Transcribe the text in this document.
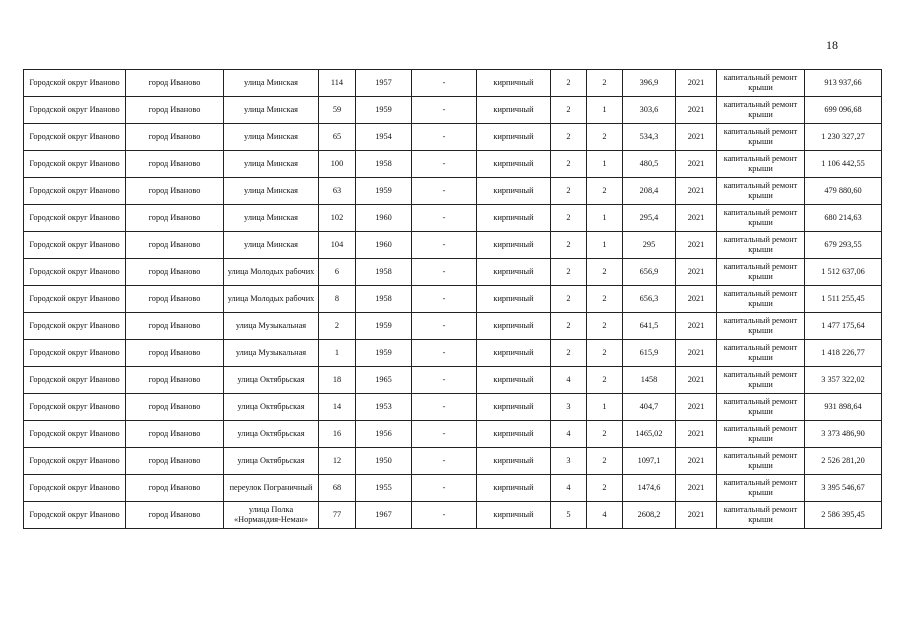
18
Городской округ Иваново	город Иваново	улица Минская	114	1957	-	кирпичный	2	2	396,9	2021	капитальный ремонт крыши	913 937,66
Городской округ Иваново	город Иваново	улица Минская	59	1959	-	кирпичный	2	1	303,6	2021	капитальный ремонт крыши	699 096,68
Городской округ Иваново	город Иваново	улица Минская	65	1954	-	кирпичный	2	2	534,3	2021	капитальный ремонт крыши	1 230 327,27
Городской округ Иваново	город Иваново	улица Минская	100	1958	-	кирпичный	2	1	480,5	2021	капитальный ремонт крыши	1 106 442,55
Городской округ Иваново	город Иваново	улица Минская	63	1959	-	кирпичный	2	2	208,4	2021	капитальный ремонт крыши	479 880,60
Городской округ Иваново	город Иваново	улица Минская	102	1960	-	кирпичный	2	1	295,4	2021	капитальный ремонт крыши	680 214,63
Городской округ Иваново	город Иваново	улица Минская	104	1960	-	кирпичный	2	1	295	2021	капитальный ремонт крыши	679 293,55
Городской округ Иваново	город Иваново	улица Молодых рабочих	6	1958	-	кирпичный	2	2	656,9	2021	капитальный ремонт крыши	1 512 637,06
Городской округ Иваново	город Иваново	улица Молодых рабочих	8	1958	-	кирпичный	2	2	656,3	2021	капитальный ремонт крыши	1 511 255,45
Городской округ Иваново	город Иваново	улица Музыкальная	2	1959	-	кирпичный	2	2	641,5	2021	капитальный ремонт крыши	1 477 175,64
Городской округ Иваново	город Иваново	улица Музыкальная	1	1959	-	кирпичный	2	2	615,9	2021	капитальный ремонт крыши	1 418 226,77
Городской округ Иваново	город Иваново	улица Октябрьская	18	1965	-	кирпичный	4	2	1458	2021	капитальный ремонт крыши	3 357 322,02
Городской округ Иваново	город Иваново	улица Октябрьская	14	1953	-	кирпичный	3	1	404,7	2021	капитальный ремонт крыши	931 898,64
Городской округ Иваново	город Иваново	улица Октябрьская	16	1956	-	кирпичный	4	2	1465,02	2021	капитальный ремонт крыши	3 373 486,90
Городской округ Иваново	город Иваново	улица Октябрьская	12	1950	-	кирпичный	3	2	1097,1	2021	капитальный ремонт крыши	2 526 281,20
Городской округ Иваново	город Иваново	переулок Пограничный	68	1955	-	кирпичный	4	2	1474,6	2021	капитальный ремонт крыши	3 395 546,67
Городской округ Иваново	город Иваново	улица Полка «Нормандия-Неман»	77	1967	-	кирпичный	5	4	2608,2	2021	капитальный ремонт крыши	2 586 395,45
